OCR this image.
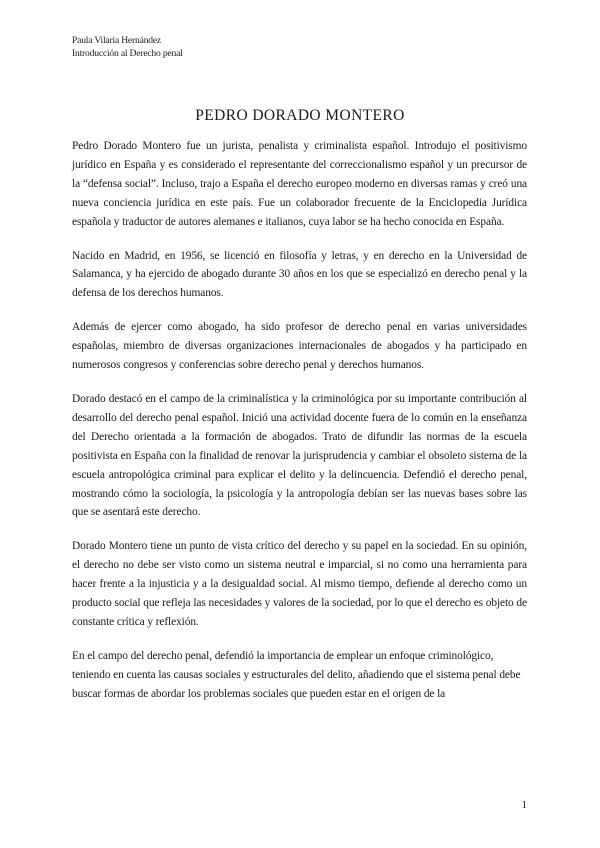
Paula Vilaria Hernández
Introducción al Derecho penal
PEDRO DORADO MONTERO

Pedro Dorado Montero fue un jurista, penalista y criminalista español. Introdujo el positivismo jurídico en España y es considerado el representante del correccionalismo español y un precursor de la “defensa social”. Incluso, trajo a España el derecho europeo moderno en diversas ramas y creó una nueva conciencia jurídica en este país. Fue un colaborador frecuente de la Enciclopedia Jurídica española y traductor de autores alemanes e italianos, cuya labor se ha hecho conocida en España.

Nacido en Madrid, en 1956, se licenció en filosofía y letras, y en derecho en la Universidad de Salamanca, y ha ejercido de abogado durante 30 años en los que se especializó en derecho penal y la defensa de los derechos humanos.

Además de ejercer como abogado, ha sido profesor de derecho penal en varias universidades españolas, miembro de diversas organizaciones internacionales de abogados y ha participado en numerosos congresos y conferencias sobre derecho penal y derechos humanos.

Dorado destacó en el campo de la criminalística y la criminológica por su importante contribución al desarrollo del derecho penal español. Inició una actividad docente fuera de lo común en la enseñanza del Derecho orientada a la formación de abogados. Trato de difundir las normas de la escuela positivista en España con la finalidad de renovar la jurisprudencia y cambiar el obsoleto sistema de la escuela antropológica criminal para explicar el delito y la delincuencia. Defendió el derecho penal, mostrando cómo la sociología, la psicología y la antropología debían ser las nuevas bases sobre las que se asentará este derecho.

Dorado Montero tiene un punto de vista crítico del derecho y su papel en la sociedad. En su opinión, el derecho no debe ser visto como un sistema neutral e imparcial, si no como una herramienta para hacer frente a la injusticia y a la desigualdad social. Al mismo tiempo, defiende al derecho como un producto social que refleja las necesidades y valores de la sociedad, por lo que el derecho es objeto de constante crítica y reflexión.

En el campo del derecho penal, defendió la importancia de emplear un enfoque criminológico, teniendo en cuenta las causas sociales y estructurales del delito, añadiendo que el sistema penal debe buscar formas de abordar los problemas sociales que pueden estar en el origen de la

1
